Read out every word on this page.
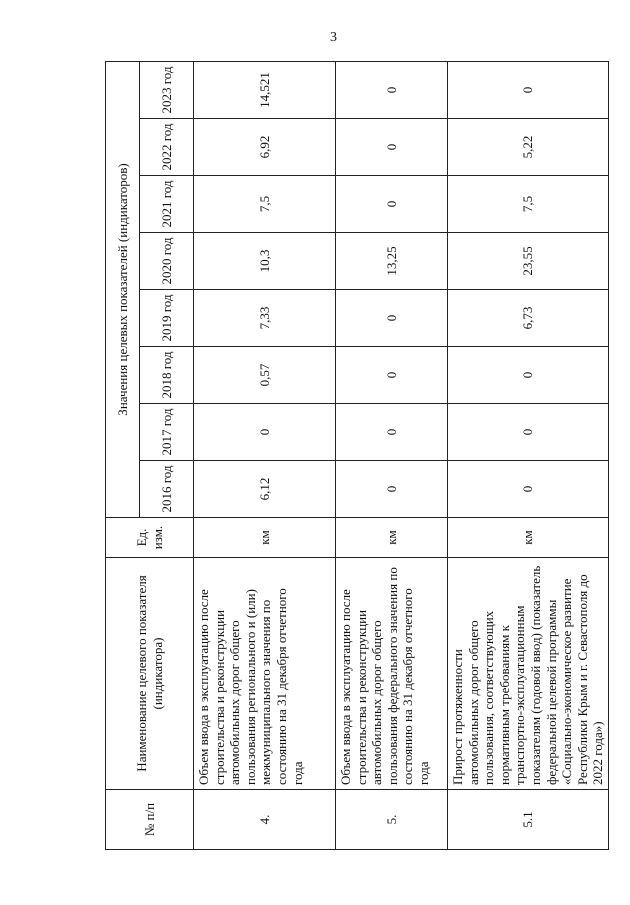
3
№ п/п	Наименование целевого показателя (индикатора)	Ед. изм.	Значения целевых показателей (индикаторов)							
			2016 год	2017 год	2018 год	2019 год	2020 год	2021 год	2022 год	2023 год
4.	Объем ввода в эксплуатацию после строительства и реконструкции автомобильных дорог общего пользования регионального и (или) межмуниципального значения по состоянию на 31 декабря отчетного года	км	6,12	0	0,57	7,33	10,3	7,5	6,92	14,521
5.	Объем ввода в эксплуатацию после строительства и реконструкции автомобильных дорог общего пользования федерального значения по состоянию на 31 декабря отчетного года	км	0	0	0	0	13,25	0	0	0
5.1	Прирост протяженности автомобильных дорог общего пользования, соответствующих нормативным требованиям к транспортно-эксплуатационным показателям (годовой ввод) (показатель федеральной целевой программы «Социально-экономическое развитие Республики Крым и г. Севастополя до 2022 года»)	км	0	0	0	6,73	23,55	7,5	5,22	0
